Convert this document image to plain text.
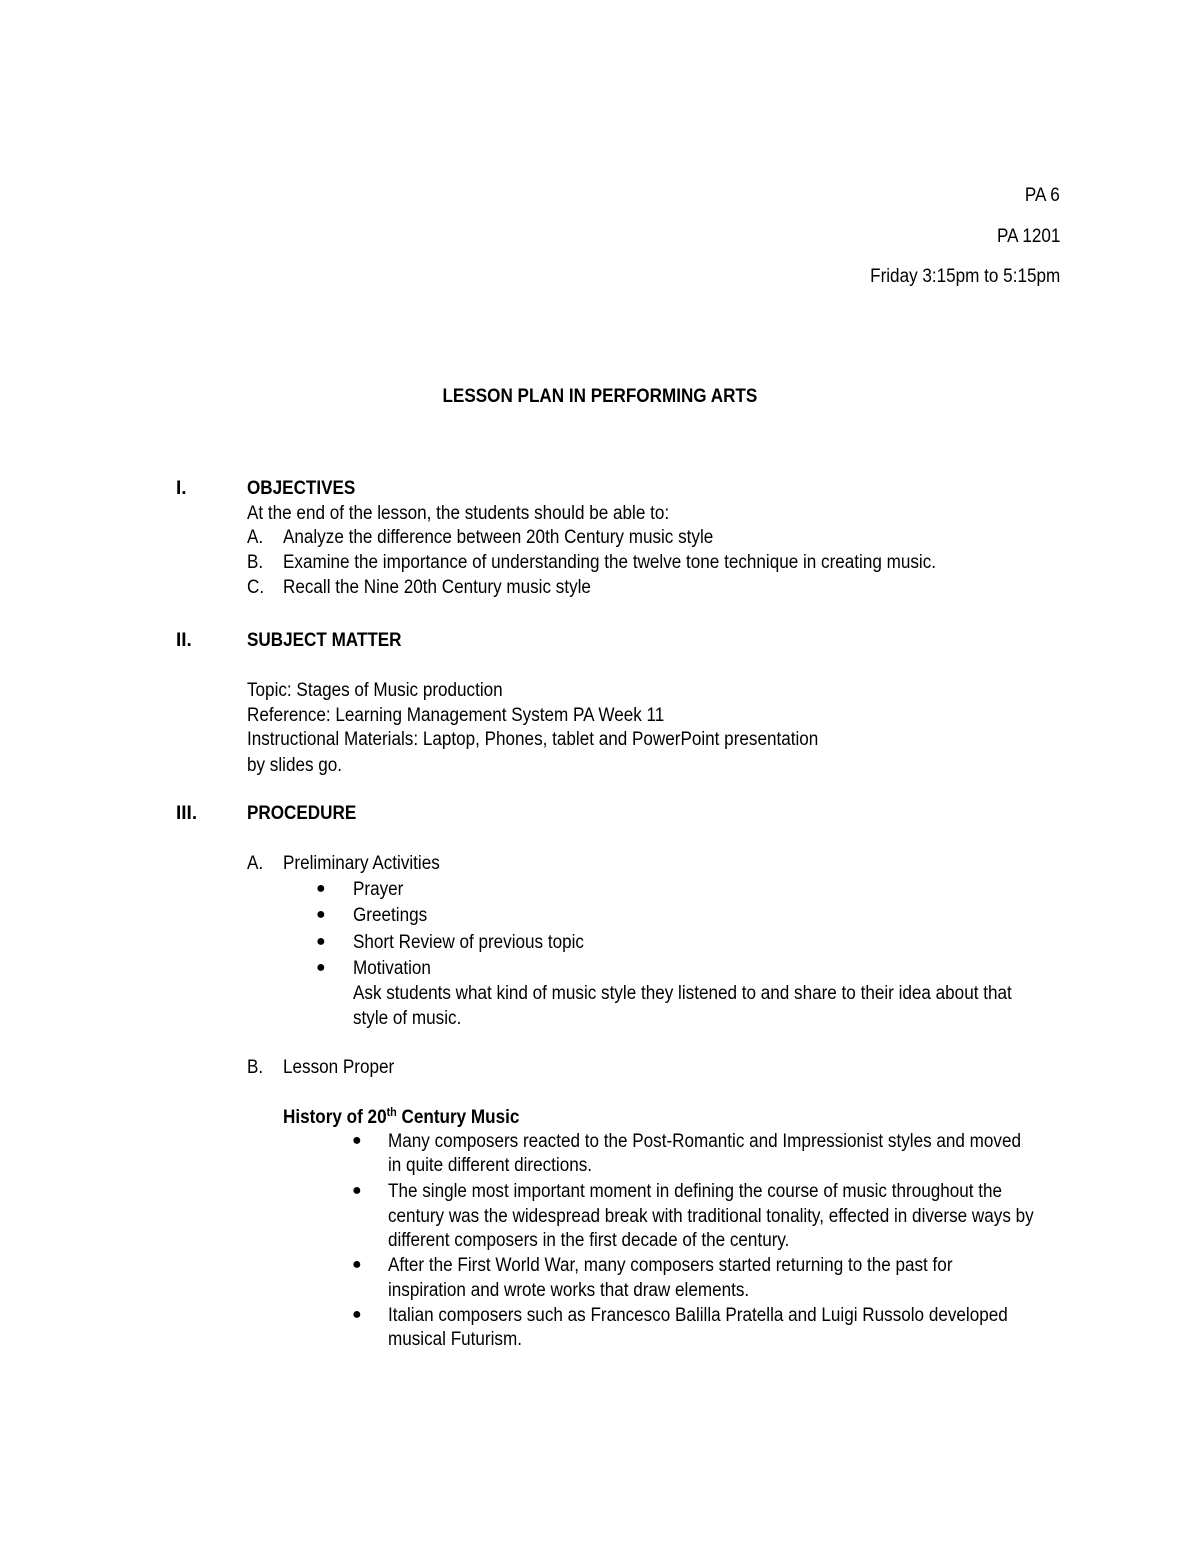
PA 6
PA 1201
Friday 3:15pm to 5:15pm
LESSON PLAN IN PERFORMING ARTS
I.	OBJECTIVES
At the end of the lesson, the students should be able to:
A. Analyze the difference between 20th Century music style
B. Examine the importance of understanding the twelve tone technique in creating music.
C. Recall the Nine 20th Century music style
II.	SUBJECT MATTER
Topic: Stages of Music production
Reference: Learning Management System PA Week 11
Instructional Materials: Laptop, Phones, tablet and PowerPoint presentation
by slides go.
III.	PROCEDURE
A. Preliminary Activities
● Prayer
● Greetings
● Short Review of previous topic
● Motivation
Ask students what kind of music style they listened to and share to their idea about that
style of music.
B. Lesson Proper
History of 20th Century Music
● Many composers reacted to the Post-Romantic and Impressionist styles and moved
in quite different directions.
● The single most important moment in defining the course of music throughout the
century was the widespread break with traditional tonality, effected in diverse ways by
different composers in the first decade of the century.
● After the First World War, many composers started returning to the past for
inspiration and wrote works that draw elements.
● Italian composers such as Francesco Balilla Pratella and Luigi Russolo developed
musical Futurism.
